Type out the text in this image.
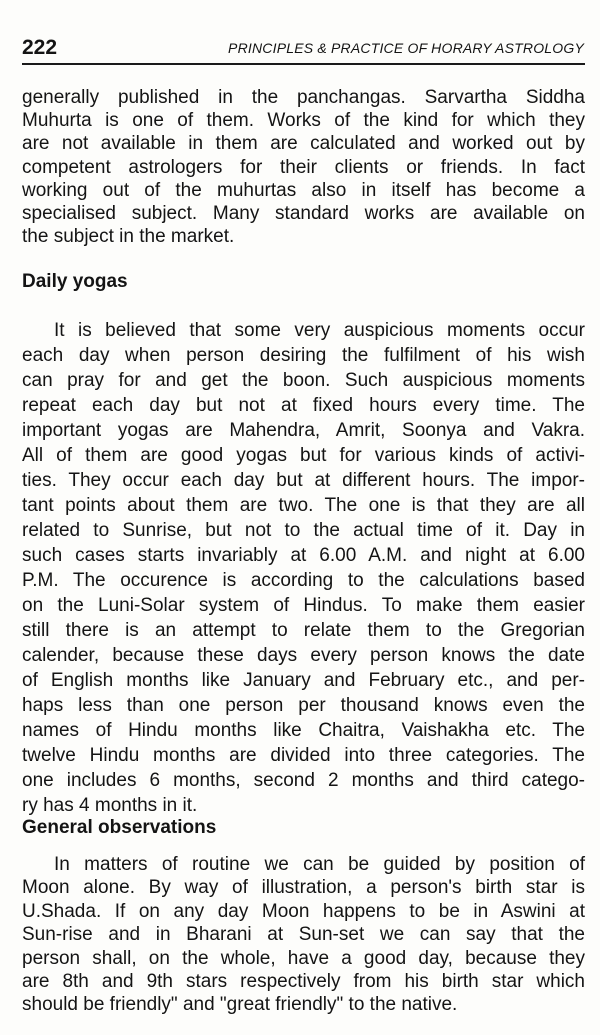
222	PRINCIPLES & PRACTICE OF HORARY ASTROLOGY
generally published in the panchangas. Sarvartha Siddha
Muhurta is one of them. Works of the kind for which they
are not available in them are calculated and worked out by
competent astrologers for their clients or friends. In fact
working out of the muhurtas also in itself has become a
specialised subject. Many standard works are available on
the subject in the market.
Daily yogas
It is believed that some very auspicious moments occur
each day when person desiring the fulfilment of his wish
can pray for and get the boon. Such auspicious moments
repeat each day but not at fixed hours every time. The
important yogas are Mahendra, Amrit, Soonya and Vakra.
All of them are good yogas but for various kinds of activi-
ties. They occur each day but at different hours. The impor-
tant points about them are two. The one is that they are all
related to Sunrise, but not to the actual time of it. Day in
such cases starts invariably at 6.00 A.M. and night at 6.00
P.M. The occurence is according to the calculations based
on the Luni-Solar system of Hindus. To make them easier
still there is an attempt to relate them to the Gregorian
calender, because these days every person knows the date
of English months like January and February etc., and per-
haps less than one person per thousand knows even the
names of Hindu months like Chaitra, Vaishakha etc. The
twelve Hindu months are divided into three categories. The
one includes 6 months, second 2 months and third catego-
ry has 4 months in it.
General observations
In matters of routine we can be guided by position of
Moon alone. By way of illustration, a person's birth star is
U.Shada. If on any day Moon happens to be in Aswini at
Sun-rise and in Bharani at Sun-set we can say that the
person shall, on the whole, have a good day, because they
are 8th and 9th stars respectively from his birth star which
should be friendly" and "great friendly" to the native.
